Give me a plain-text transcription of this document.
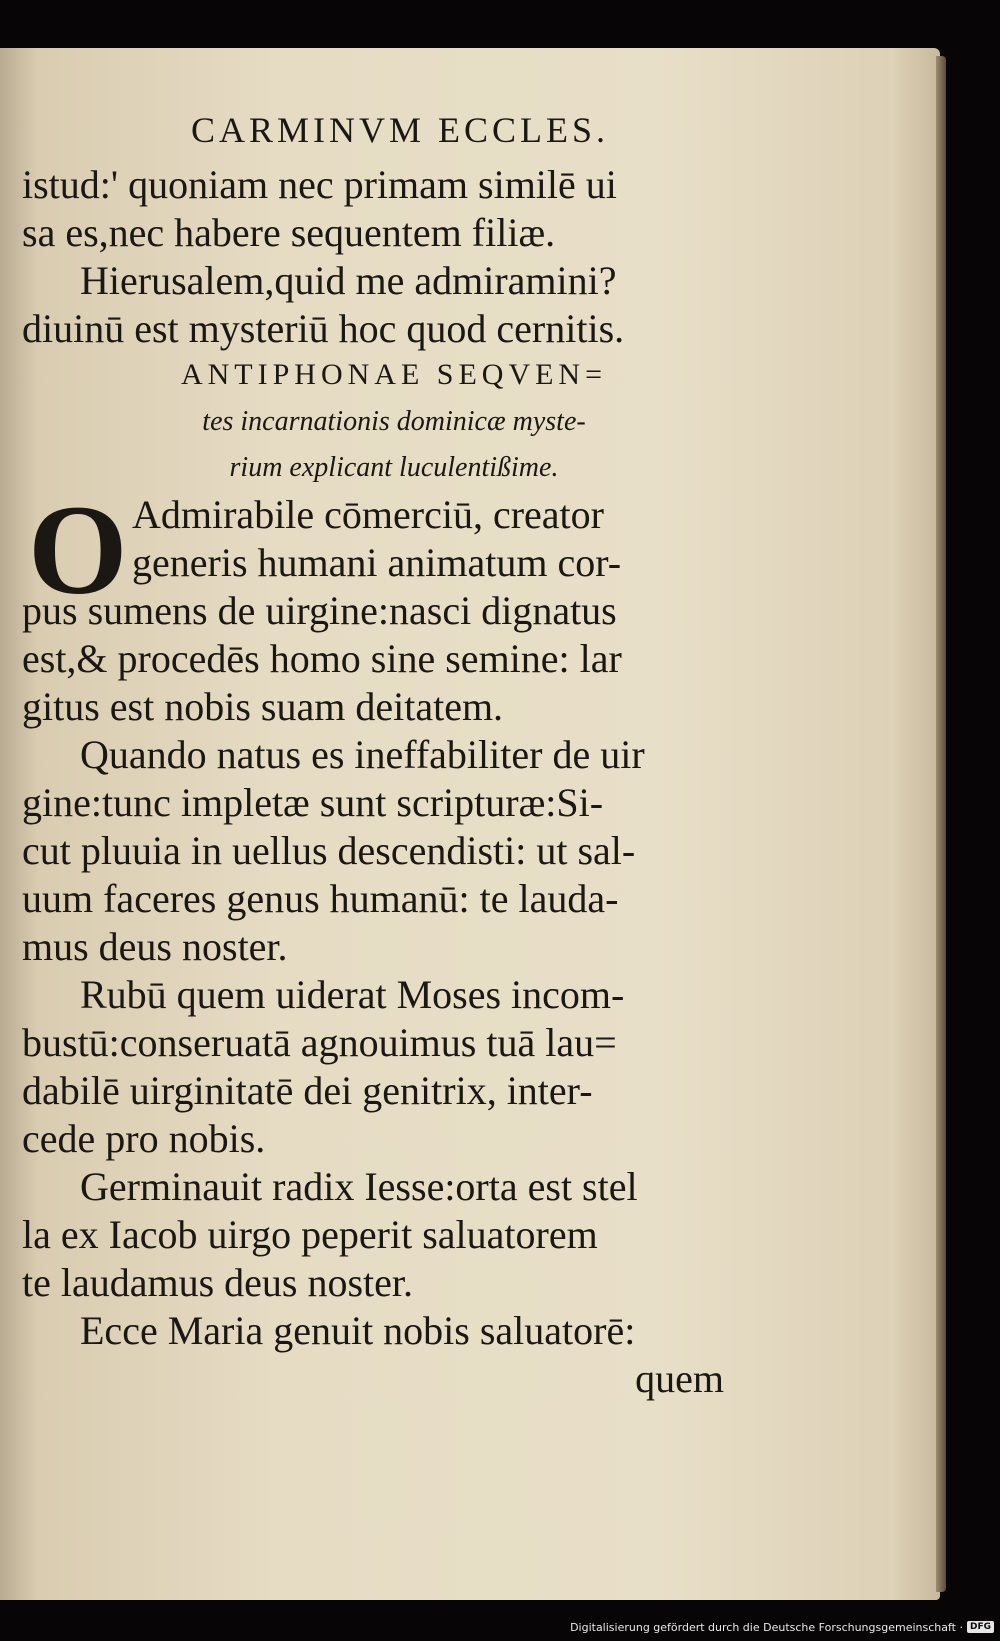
CARMINVM ECCLES.
istud:' quoniam nec primam similē ui
sa es,nec habere sequentem filiæ.
Hierusalem,quid me admiramini?
diuinū est mysteriū hoc quod cernitis.
ANTIPHONAE SEQVEN=
tes incarnationis dominicæ myste-
rium explicant luculentißime.
O Admirabile cōmerciū, creator
generis humani animatum cor-
pus sumens de uirgine:nasci dignatus
est,& procedēs homo sine semine: lar
gitus est nobis suam deitatem.
Quando natus es ineffabiliter de uir
gine:tunc impletæ sunt scripturæ:Si-
cut pluuia in uellus descendisti: ut sal-
uum faceres genus humanū: te lauda-
mus deus noster.
Rubū quem uiderat Moses incom-
bustū:conseruatā agnouimus tuā lau=
dabilē uirginitatē dei genitrix, inter-
cede pro nobis.
Germinauit radix Iesse:orta est stel
la ex Iacob uirgo peperit saluatorem
te laudamus deus noster.
Ecce Maria genuit nobis saluatorē:
quem
Digitalisierung gefördert durch die Deutsche Forschungsgemeinschaft · DFG
